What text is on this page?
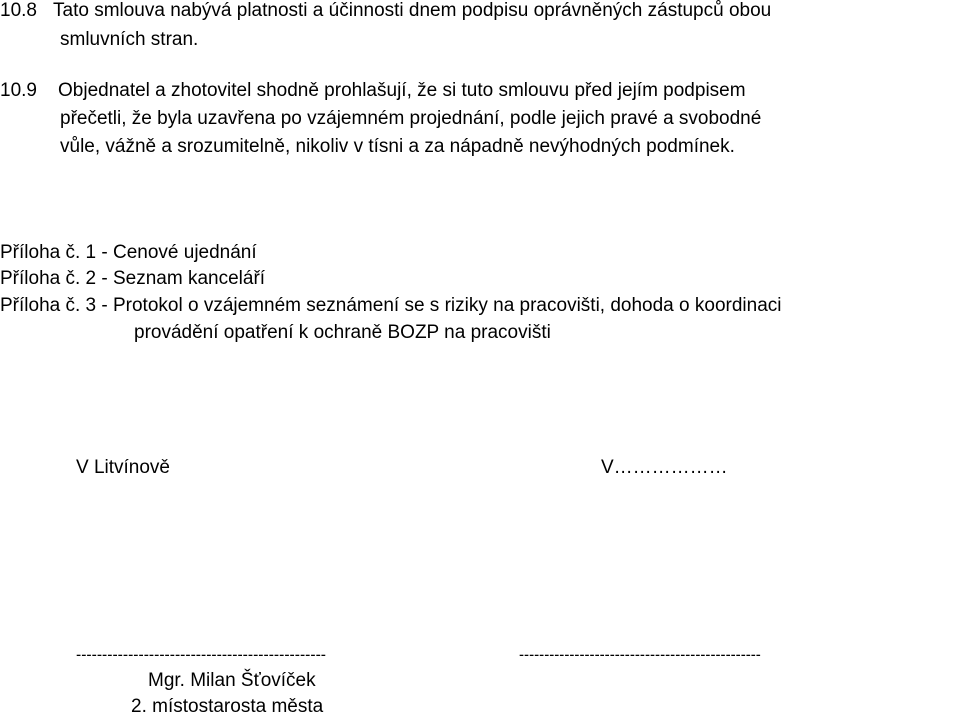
10.8 Tato smlouva nabývá platnosti a účinnosti dnem podpisu oprávněných zástupců obou
smluvních stran.
10.9 Objednatel a zhotovitel shodně prohlašují, že si tuto smlouvu před jejím podpisem
přečetli, že byla uzavřena po vzájemném projednání, podle jejich pravé a svobodné
vůle, vážně a srozumitelně, nikoliv v tísni a za nápadně nevýhodných podmínek.
Příloha č. 1 - Cenové ujednání
Příloha č. 2 - Seznam kanceláří
Příloha č. 3 - Protokol o vzájemném seznámení se s riziky na pracovišti, dohoda o koordinaci
provádění opatření k ochraně BOZP na pracovišti
V Litvínově	V………………
------------------------------------------------	------------------------------------------------
Mgr. Milan Šťovíček
2. místostarosta města
